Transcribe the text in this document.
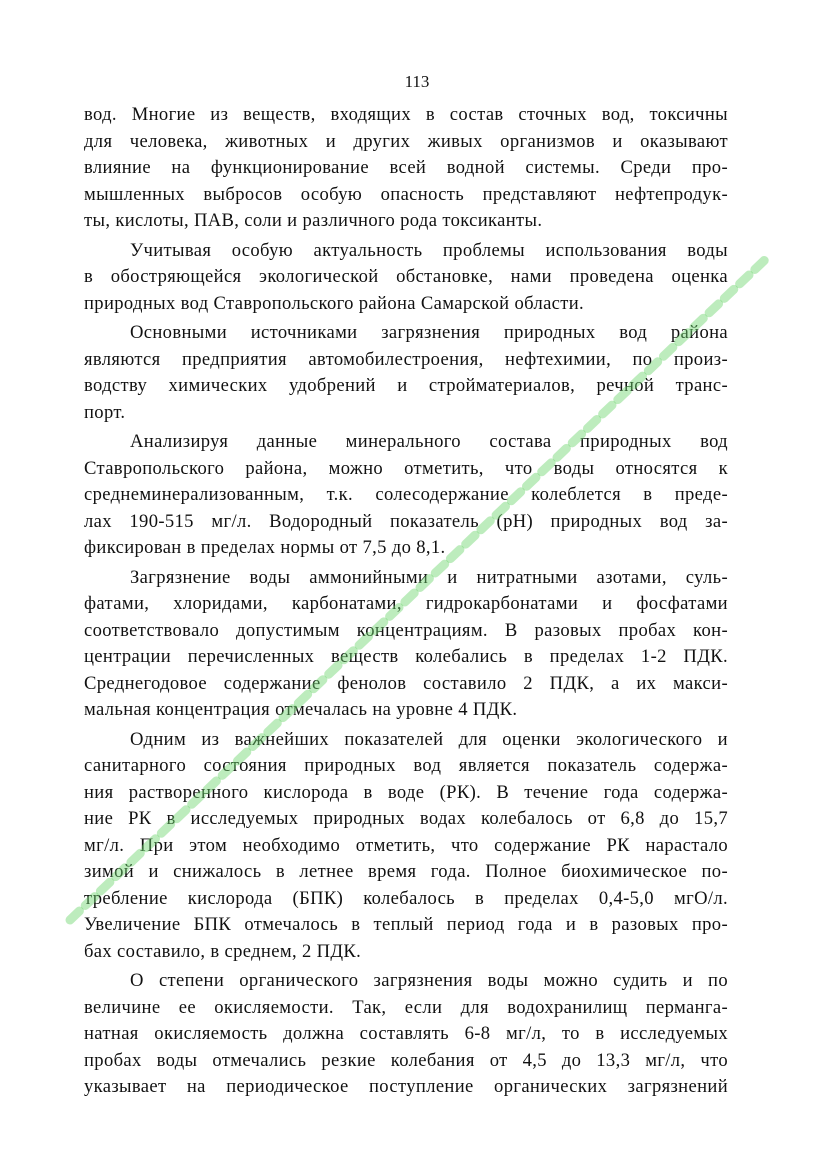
113
вод. Многие из веществ, входящих в состав сточных вод, токсичны
для человека, животных и других живых организмов и оказывают
влияние на функционирование всей водной системы. Среди про-
мышленных выбросов особую опасность представляют нефтепродук-
ты, кислоты, ПАВ, соли и различного рода токсиканты.
Учитывая особую актуальность проблемы использования воды
в обостряющейся экологической обстановке, нами проведена оценка
природных вод Ставропольского района Самарской области.
Основными источниками загрязнения природных вод района
являются предприятия автомобилестроения, нефтехимии, по произ-
водству химических удобрений и стройматериалов, речной транс-
порт.
Анализируя данные минерального состава природных вод
Ставропольского района, можно отметить, что воды относятся к
среднеминерализованным, т.к. солесодержание колеблется в преде-
лах 190-515 мг/л. Водородный показатель (pH) природных вод за-
фиксирован в пределах нормы от 7,5 до 8,1.
Загрязнение воды аммонийными и нитратными азотами, суль-
фатами, хлоридами, карбонатами, гидрокарбонатами и фосфатами
соответствовало допустимым концентрациям. В разовых пробах кон-
центрации перечисленных веществ колебались в пределах 1-2 ПДК.
Среднегодовое содержание фенолов составило 2 ПДК, а их макси-
мальная концентрация отмечалась на уровне 4 ПДК.
Одним из важнейших показателей для оценки экологического и
санитарного состояния природных вод является показатель содержа-
ния растворенного кислорода в воде (РК). В течение года содержа-
ние РК в исследуемых природных водах колебалось от 6,8 до 15,7
мг/л. При этом необходимо отметить, что содержание РК нарастало
зимой и снижалось в летнее время года. Полное биохимическое по-
требление кислорода (БПК) колебалось в пределах 0,4-5,0 мгО/л.
Увеличение БПК отмечалось в теплый период года и в разовых про-
бах составило, в среднем, 2 ПДК.
О степени органического загрязнения воды можно судить и по
величине ее окисляемости. Так, если для водохранилищ перманга-
натная окисляемость должна составлять 6-8 мг/л, то в исследуемых
пробах воды отмечались резкие колебания от 4,5 до 13,3 мг/л, что
указывает на периодическое поступление органических загрязнений
